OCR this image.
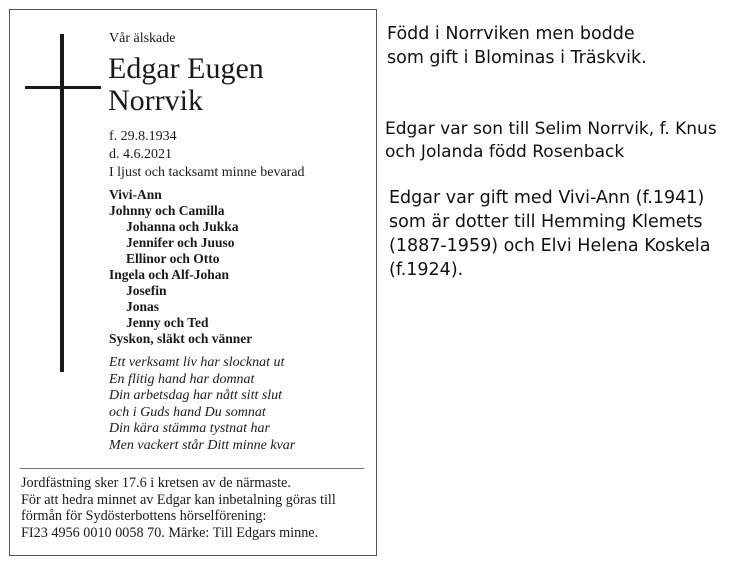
Vår älskade
Edgar Eugen
Norrvik
f. 29.8.1934
d. 4.6.2021
I ljust och tacksamt minne bevarad
Vivi-Ann
Johnny och Camilla
Johanna och Jukka
Jennifer och Juuso
Ellinor och Otto
Ingela och Alf-Johan
Josefin
Jonas
Jenny och Ted
Syskon, släkt och vänner
Ett verksamt liv har slocknat ut
En flitig hand har domnat
Din arbetsdag har nått sitt slut
och i Guds hand Du somnat
Din kära stämma tystnat har
Men vackert står Ditt minne kvar
Jordfästning sker 17.6 i kretsen av de närmaste.
För att hedra minnet av Edgar kan inbetalning göras till
förmån för Sydösterbottens hörselförening:
FI23 4956 0010 0058 70. Märke: Till Edgars minne.
Född i Norrviken men bodde
som gift i Blominas i Träskvik.
Edgar var son till Selim Norrvik, f. Knus
och Jolanda född Rosenback
Edgar var gift med Vivi-Ann (f.1941)
som är dotter till Hemming Klemets
(1887-1959) och Elvi Helena Koskela
(f.1924).
